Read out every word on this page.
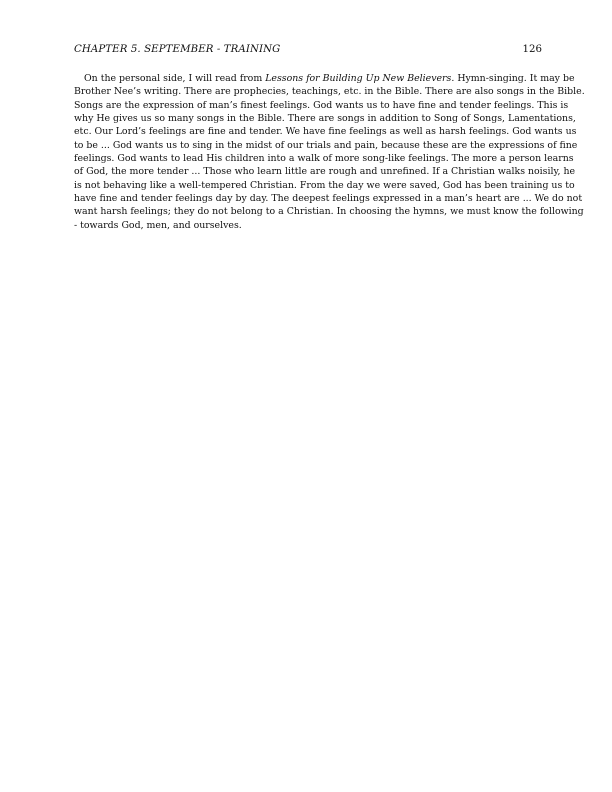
CHAPTER 5. SEPTEMBER - TRAINING	126
On the personal side, I will read from Lessons for Building Up New Believers. Hymn-singing. It may be
Brother Nee’s writing. There are prophecies, teachings, etc. in the Bible. There are also songs in the Bible.
Songs are the expression of man’s finest feelings. God wants us to have fine and tender feelings. This is
why He gives us so many songs in the Bible. There are songs in addition to Song of Songs, Lamentations,
etc. Our Lord’s feelings are fine and tender. We have fine feelings as well as harsh feelings. God wants us
to be ... God wants us to sing in the midst of our trials and pain, because these are the expressions of fine
feelings. God wants to lead His children into a walk of more song-like feelings. The more a person learns
of God, the more tender ... Those who learn little are rough and unrefined. If a Christian walks noisily, he
is not behaving like a well-tempered Christian. From the day we were saved, God has been training us to
have fine and tender feelings day by day. The deepest feelings expressed in a man’s heart are ... We do not
want harsh feelings; they do not belong to a Christian. In choosing the hymns, we must know the following
- towards God, men, and ourselves.
